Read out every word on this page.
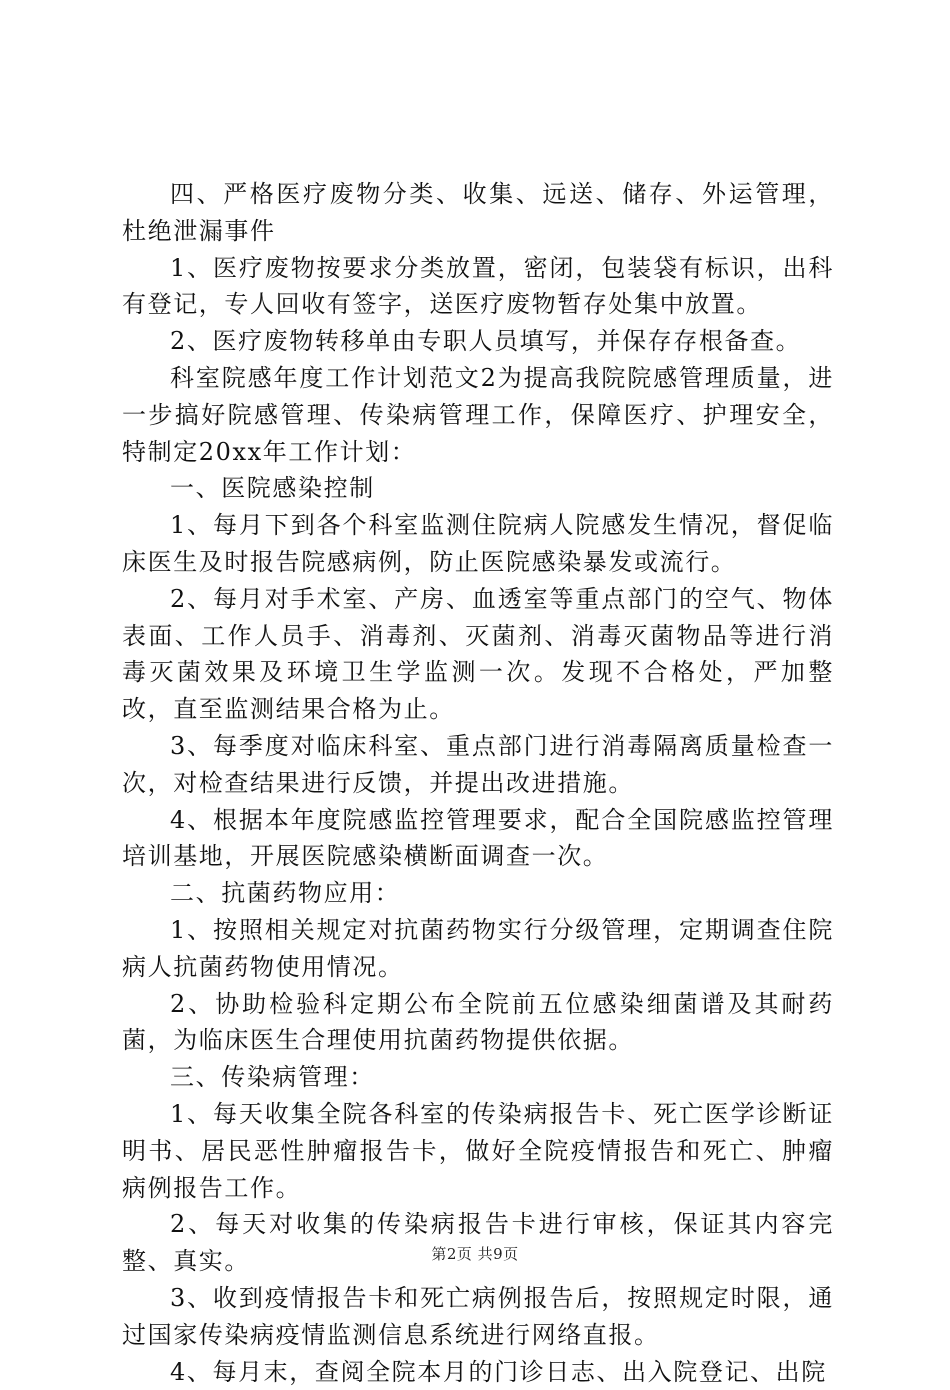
四、严格医疗废物分类、收集、远送、储存、外运管理，杜绝泄漏事件

1、医疗废物按要求分类放置，密闭，包装袋有标识，出科有登记，专人回收有签字，送医疗废物暂存处集中放置。

2、医疗废物转移单由专职人员填写，并保存存根备查。

科室院感年度工作计划范文2为提高我院院感管理质量，进一步搞好院感管理、传染病管理工作，保障医疗、护理安全，特制定20xx年工作计划：

一、医院感染控制

1、每月下到各个科室监测住院病人院感发生情况，督促临床医生及时报告院感病例，防止医院感染暴发或流行。

2、每月对手术室、产房、血透室等重点部门的空气、物体表面、工作人员手、消毒剂、灭菌剂、消毒灭菌物品等进行消毒灭菌效果及环境卫生学监测一次。发现不合格处，严加整改，直至监测结果合格为止。

3、每季度对临床科室、重点部门进行消毒隔离质量检查一次，对检查结果进行反馈，并提出改进措施。

4、根据本年度院感监控管理要求，配合全国院感监控管理培训基地，开展医院感染横断面调查一次。

二、抗菌药物应用：

1、按照相关规定对抗菌药物实行分级管理，定期调查住院病人抗菌药物使用情况。

2、协助检验科定期公布全院前五位感染细菌谱及其耐药菌，为临床医生合理使用抗菌药物提供依据。

三、传染病管理：

1、每天收集全院各科室的传染病报告卡、死亡医学诊断证明书、居民恶性肿瘤报告卡，做好全院疫情报告和死亡、肿瘤病例报告工作。

2、每天对收集的传染病报告卡进行审核，保证其内容完整、真实。

3、收到疫情报告卡和死亡病例报告后，按照规定时限，通过国家传染病疫情监测信息系统进行网络直报。

4、每月末，查阅全院本月的门诊日志、出入院登记、出院

第2页 共9页
